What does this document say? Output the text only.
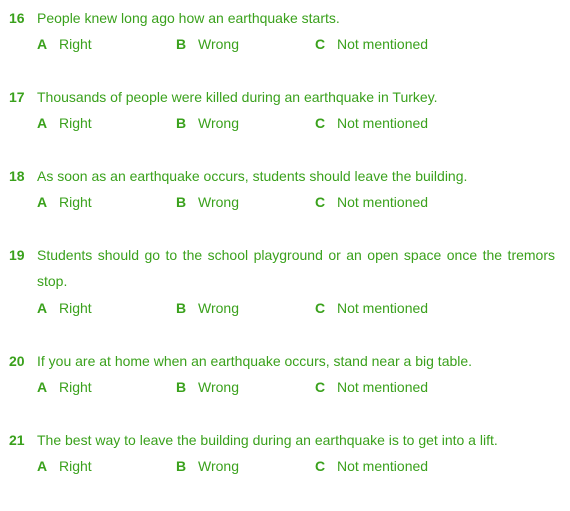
16 People knew long ago how an earthquake starts.
A Right	B Wrong	C Not mentioned
17 Thousands of people were killed during an earthquake in Turkey.
A Right	B Wrong	C Not mentioned
18 As soon as an earthquake occurs, students should leave the building.
A Right	B Wrong	C Not mentioned
19 Students should go to the school playground or an open space once the tremors stop.
A Right	B Wrong	C Not mentioned
20 If you are at home when an earthquake occurs, stand near a big table.
A Right	B Wrong	C Not mentioned
21 The best way to leave the building during an earthquake is to get into a lift.
A Right	B Wrong	C Not mentioned
